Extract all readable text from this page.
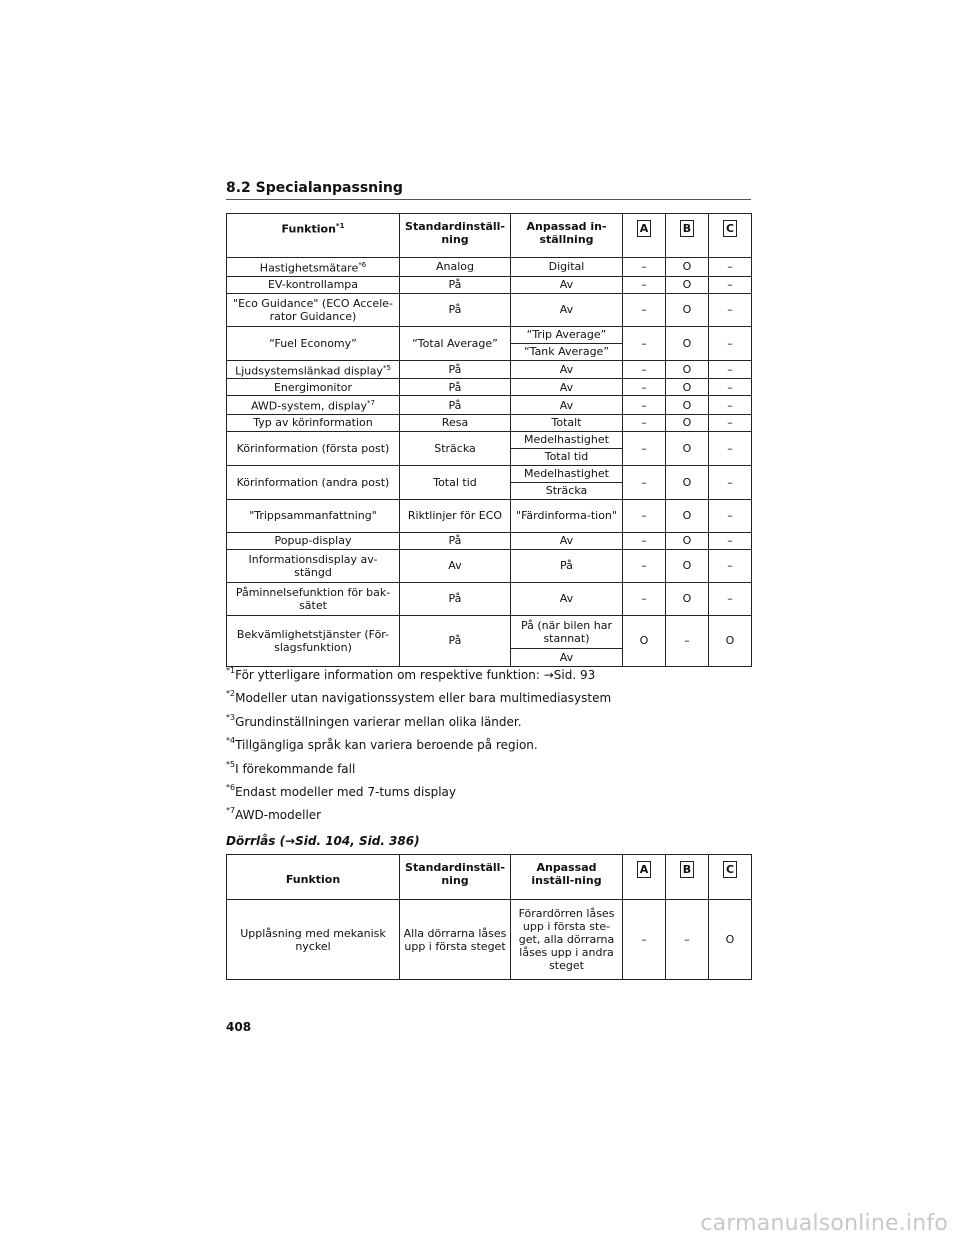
8.2 Specialanpassning
Funktion$^{*1}$	Standardinställ-ning	Anpassad in-ställning	A	B	C
Hastighetsmätare$^{*6}$	Analog	Digital	–	O	–
EV-kontrollampa	På	Av	–	O	–
"Eco Guidance" (ECO Accele-rator Guidance)	På	Av	–	O	–
“Fuel Economy”	“Total Average”	“Trip Average”	–	O	–
		“Tank Average”			
Ljudsystemslänkad display$^{*5}$	På	Av	–	O	–
Energimonitor	På	Av	–	O	–
AWD-system, display$^{*7}$	På	Av	–	O	–
Typ av körinformation	Resa	Totalt	–	O	–
Körinformation (första post)	Sträcka	Medelhastighet	–	O	–
		Total tid			
Körinformation (andra post)	Total tid	Medelhastighet	–	O	–
		Sträcka			
"Trippsammanfattning"	Riktlinjer för ECO	"Färdinforma-tion"	–	O	–
Popup-display	På	Av	–	O	–
Informationsdisplay av-stängd	Av	På	–	O	–
Påminnelsefunktion för bak-sätet	På	Av	–	O	–
Bekvämlighetstjänster (För-slagsfunktion)	På	På (när bilen har stannat)	O	–	O
		Av			
$^{*1}$För ytterligare information om respektive funktion: →Sid. 93
$^{*2}$Modeller utan navigationssystem eller bara multimediasystem
$^{*3}$Grundinställningen varierar mellan olika länder.
$^{*4}$Tillgängliga språk kan variera beroende på region.
$^{*5}$I förekommande fall
$^{*6}$Endast modeller med 7-tums display
$^{*7}$AWD-modeller
Dörrlås (→Sid. 104, Sid. 386)
Funktion	Standardinställ-ning	Anpassad inställ-ning	A	B	C
Upplåsning med mekanisk nyckel	Alla dörrarna låses upp i första steget	Förardörren låses upp i första ste-get, alla dörrarna låses upp i andra steget	–	–	O
408
carmanualsonline.info
